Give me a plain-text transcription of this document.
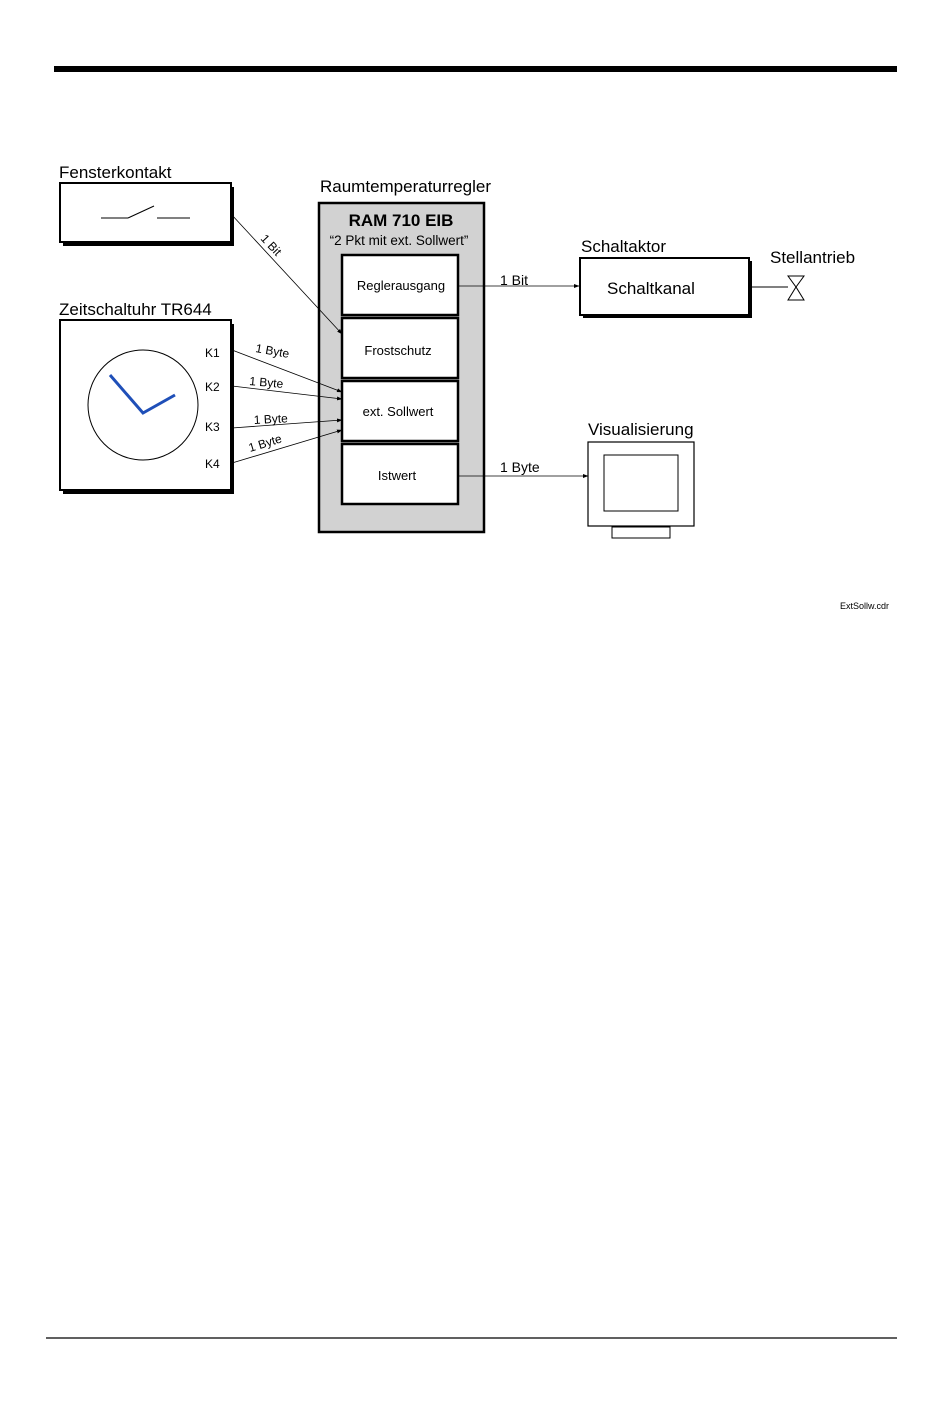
Fensterkontakt
Zeitschaltuhr TR644
K1
K2
K3
K4
Raumtemperaturregler
RAM 710 EIB
“2 Pkt mit ext. Sollwert”
Reglerausgang
Frostschutz
ext. Sollwert
Istwert
Schaltaktor
Schaltkanal
Stellantrieb
Visualisierung
1 Bit
1 Byte
1 Byte
1 Byte
1 Byte
1 Bit
1 Byte
ExtSollw.cdr
